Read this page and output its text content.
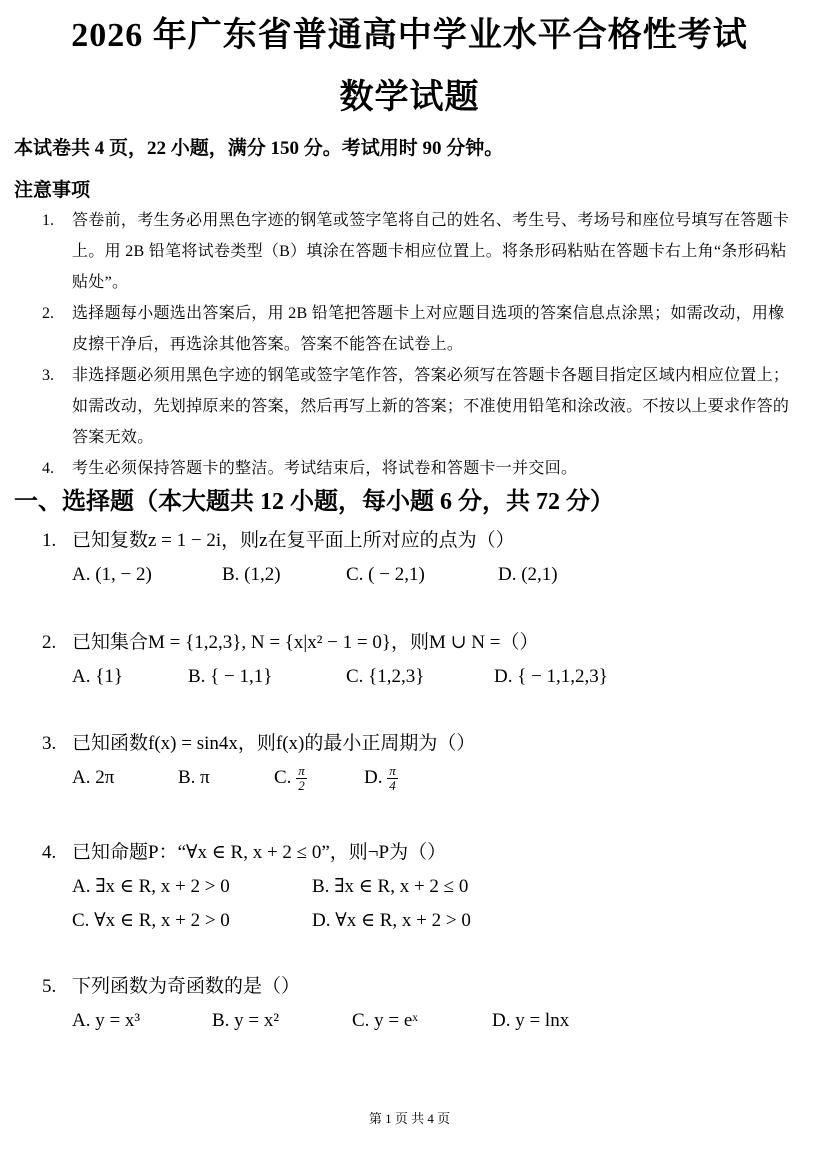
2026 年广东省普通高中学业水平合格性考试
数学试题
本试卷共 4 页，22 小题，满分 150 分。考试用时 90 分钟。
注意事项
1.	答卷前，考生务必用黑色字迹的钢笔或签字笔将自己的姓名、考生号、考场号和座位号填写在答题卡上。用 2B 铅笔将试卷类型（B）填涂在答题卡相应位置上。将条形码粘贴在答题卡右上角“条形码粘贴处”。
2.	选择题每小题选出答案后，用 2B 铅笔把答题卡上对应题目选项的答案信息点涂黑；如需改动，用橡皮擦干净后，再选涂其他答案。答案不能答在试卷上。
3.	非选择题必须用黑色字迹的钢笔或签字笔作答，答案必须写在答题卡各题目指定区域内相应位置上；如需改动，先划掉原来的答案，然后再写上新的答案；不准使用铅笔和涂改液。不按以上要求作答的答案无效。
4.	考生必须保持答题卡的整洁。考试结束后，将试卷和答题卡一并交回。
一、选择题（本大题共 12 小题，每小题 6 分，共 72 分）
1. 已知复数z = 1 − 2i，则z在复平面上所对应的点为（）
A. (1, − 2)	B. (1,2)	C. ( − 2,1)	D. (2,1)
2. 已知集合M = {1,2,3}, N = {x|x² − 1 = 0}，则M ∪ N =（）
A. {1}	B. { − 1,1}	C. {1,2,3}	D. { − 1,1,2,3}
3. 已知函数f(x) = sin4x，则f(x)的最小正周期为（）
A. 2π	B. π	C. $\frac{\pi}{2}$	D. $\frac{\pi}{4}$
4. 已知命题P：“∀x ∈ R, x + 2 ≤ 0”，则¬P为（）
A. ∃x ∈ R, x + 2 > 0	B. ∃x ∈ R, x + 2 ≤ 0
C. ∀x ∈ R, x + 2 > 0	D. ∀x ∈ R, x + 2 > 0
5. 下列函数为奇函数的是（）
A. y = x³	B. y = x²	C. y = eˣ	D. y = lnx
第 1 页 共 4 页
